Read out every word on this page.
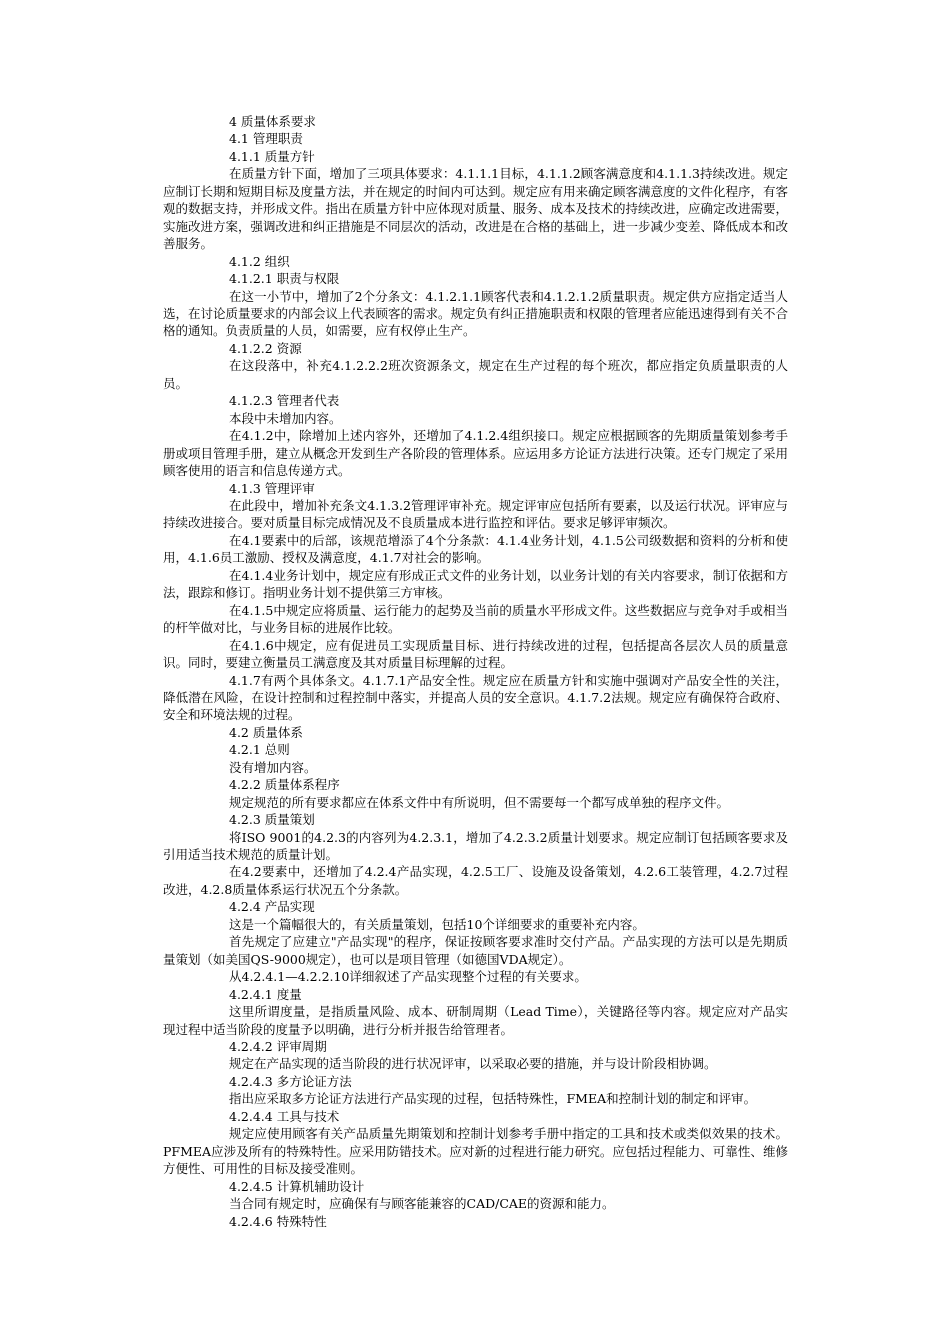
4 质量体系要求

4.1 管理职责

4.1.1 质量方针

在质量方针下面，增加了三项具体要求：4.1.1.1目标，4.1.1.2顾客满意度和4.1.1.3持续改进。规定应制订长期和短期目标及度量方法，并在规定的时间内可达到。规定应有用来确定顾客满意度的文件化程序，有客观的数据支持，并形成文件。指出在质量方针中应体现对质量、服务、成本及技术的持续改进，应确定改进需要，实施改进方案，强调改进和纠正措施是不同层次的活动，改进是在合格的基础上，进一步减少变差、降低成本和改善服务。

4.1.2 组织

4.1.2.1 职责与权限

在这一小节中，增加了2个分条文：4.1.2.1.1顾客代表和4.1.2.1.2质量职责。规定供方应指定适当人选，在讨论质量要求的内部会议上代表顾客的需求。规定负有纠正措施职责和权限的管理者应能迅速得到有关不合格的通知。负责质量的人员，如需要，应有权停止生产。

4.1.2.2 资源

在这段落中，补充4.1.2.2.2班次资源条文，规定在生产过程的每个班次，都应指定负质量职责的人员。

4.1.2.3 管理者代表

本段中未增加内容。

在4.1.2中，除增加上述内容外，还增加了4.1.2.4组织接口。规定应根据顾客的先期质量策划参考手册或项目管理手册，建立从概念开发到生产各阶段的管理体系。应运用多方论证方法进行决策。还专门规定了采用顾客使用的语言和信息传递方式。

4.1.3 管理评审

在此段中，增加补充条文4.1.3.2管理评审补充。规定评审应包括所有要素，以及运行状况。评审应与持续改进接合。要对质量目标完成情况及不良质量成本进行监控和评估。要求足够评审频次。

在4.1要素中的后部，该规范增添了4个分条款：4.1.4业务计划，4.1.5公司级数据和资料的分析和使用，4.1.6员工激励、授权及满意度，4.1.7对社会的影响。

在4.1.4业务计划中，规定应有形成正式文件的业务计划，以业务计划的有关内容要求，制订依据和方法，跟踪和修订。指明业务计划不提供第三方审核。

在4.1.5中规定应将质量、运行能力的起势及当前的质量水平形成文件。这些数据应与竞争对手或相当的杆竿做对比，与业务目标的进展作比较。

在4.1.6中规定，应有促进员工实现质量目标、进行持续改进的过程，包括提高各层次人员的质量意识。同时，要建立衡量员工满意度及其对质量目标理解的过程。

4.1.7有两个具体条文。4.1.7.1产品安全性。规定应在质量方针和实施中强调对产品安全性的关注，降低潜在风险，在设计控制和过程控制中落实，并提高人员的安全意识。4.1.7.2法规。规定应有确保符合政府、安全和环境法规的过程。

4.2 质量体系

4.2.1 总则

没有增加内容。

4.2.2 质量体系程序

规定规范的所有要求都应在体系文件中有所说明，但不需要每一个都写成单独的程序文件。

4.2.3 质量策划

将ISO 9001的4.2.3的内容列为4.2.3.1，增加了4.2.3.2质量计划要求。规定应制订包括顾客要求及引用适当技术规范的质量计划。

在4.2要素中，还增加了4.2.4产品实现，4.2.5工厂、设施及设备策划，4.2.6工装管理，4.2.7过程改进，4.2.8质量体系运行状况五个分条款。

4.2.4 产品实现

这是一个篇幅很大的，有关质量策划，包括10个详细要求的重要补充内容。

首先规定了应建立"产品实现"的程序，保证按顾客要求准时交付产品。产品实现的方法可以是先期质量策划（如美国QS-9000规定），也可以是项目管理（如德国VDA规定）。

从4.2.4.1—4.2.2.10详细叙述了产品实现整个过程的有关要求。

4.2.4.1 度量

这里所谓度量，是指质量风险、成本、研制周期（Lead Time），关键路径等内容。规定应对产品实现过程中适当阶段的度量予以明确，进行分析并报告给管理者。

4.2.4.2 评审周期

规定在产品实现的适当阶段的进行状况评审，以采取必要的措施，并与设计阶段相协调。

4.2.4.3 多方论证方法

指出应采取多方论证方法进行产品实现的过程，包括特殊性，FMEA和控制计划的制定和评审。

4.2.4.4 工具与技术

规定应使用顾客有关产品质量先期策划和控制计划参考手册中指定的工具和技术或类似效果的技术。PFMEA应涉及所有的特殊特性。应采用防错技术。应对新的过程进行能力研究。应包括过程能力、可靠性、维修方便性、可用性的目标及接受准则。

4.2.4.5 计算机辅助设计

当合同有规定时，应确保有与顾客能兼容的CAD/CAE的资源和能力。

4.2.4.6 特殊特性
